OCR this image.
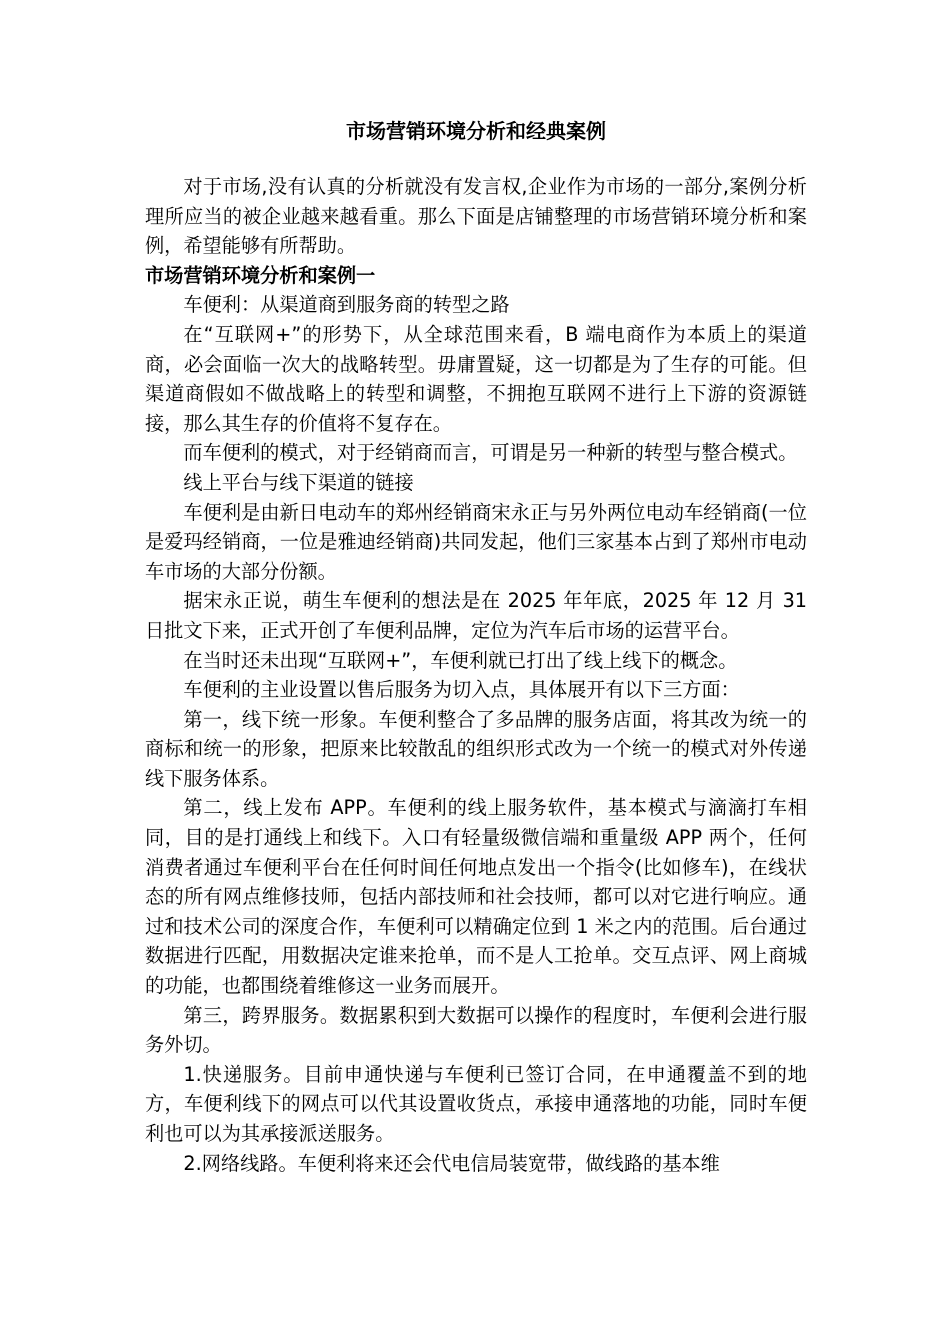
市场营销环境分析和经典案例

对于市场,没有认真的分析就没有发言权,企业作为市场的一部分,案例分析理所应当的被企业越来越看重。那么下面是店铺整理的市场营销环境分析和案例，希望能够有所帮助。

市场营销环境分析和案例一

车便利：从渠道商到服务商的转型之路

在“互联网+”的形势下，从全球范围来看，B 端电商作为本质上的渠道商，必会面临一次大的战略转型。毋庸置疑，这一切都是为了生存的可能。但渠道商假如不做战略上的转型和调整，不拥抱互联网不进行上下游的资源链接，那么其生存的价值将不复存在。

而车便利的模式，对于经销商而言，可谓是另一种新的转型与整合模式。

线上平台与线下渠道的链接

车便利是由新日电动车的郑州经销商宋永正与另外两位电动车经销商(一位是爱玛经销商，一位是雅迪经销商)共同发起，他们三家基本占到了郑州市电动车市场的大部分份额。

据宋永正说，萌生车便利的想法是在 2025 年年底，2025 年 12 月 31 日批文下来，正式开创了车便利品牌，定位为汽车后市场的运营平台。

在当时还未出现“互联网+”，车便利就已打出了线上线下的概念。

车便利的主业设置以售后服务为切入点，具体展开有以下三方面：

第一，线下统一形象。车便利整合了多品牌的服务店面，将其改为统一的商标和统一的形象，把原来比较散乱的组织形式改为一个统一的模式对外传递线下服务体系。

第二，线上发布 APP。车便利的线上服务软件，基本模式与滴滴打车相同，目的是打通线上和线下。入口有轻量级微信端和重量级 APP 两个，任何消费者通过车便利平台在任何时间任何地点发出一个指令(比如修车)，在线状态的所有网点维修技师，包括内部技师和社会技师，都可以对它进行响应。通过和技术公司的深度合作，车便利可以精确定位到 1 米之内的范围。后台通过数据进行匹配，用数据决定谁来抢单，而不是人工抢单。交互点评、网上商城的功能，也都围绕着维修这一业务而展开。

第三，跨界服务。数据累积到大数据可以操作的程度时，车便利会进行服务外切。

1.快递服务。目前申通快递与车便利已签订合同，在申通覆盖不到的地方，车便利线下的网点可以代其设置收货点，承接申通落地的功能，同时车便利也可以为其承接派送服务。

2.网络线路。车便利将来还会代电信局装宽带，做线路的基本维
